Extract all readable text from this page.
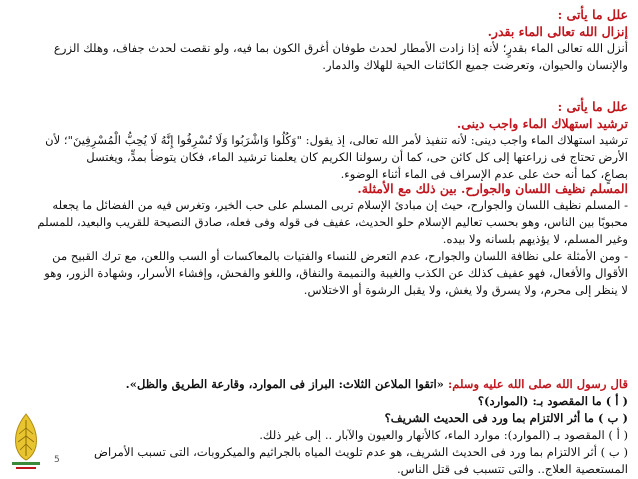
علل ما يأتى :
إنزال الله تعالى الماء بقدر.
أنزل الله تعالى الماء بقدرٍ؛ لأنه إذا زادت الأمطار لحدث طوفان أغرق الكون بما فيه، ولو نقصت لحدث جفاف، وهلك الزرع
والإنسان والحيوان، وتعرضت جميع الكائنات الحية للهلاك والدمار.
علل ما يأتى :
ترشيد استهلاك الماء واجب دينى.
ترشيد استهلاك الماء واجب دينى: لأنه تنفيذ لأمر الله تعالى، إذ يقول: "وَكُلُوا وَاشْرَبُوا وَلَا تُسْرِفُوا إِنَّهُ لَا يُحِبُّ الْمُسْرِفِينَ"؛ لأن
الأرض تحتاج فى زراعتها إلى كل كائن حى، كما أن رسولنا الكريم كان يعلمنا ترشيد الماء، فكان يتوضأ بمدٍّ، ويغتسل
بصاعٍ، كما أنه حث على عدم الإسراف فى الماء أثناء الوضوء.
المسلم نظيف اللسان والجوارح. بين ذلك مع الأمثلة.
- المسلم نظيف اللسان والجوارح، حيث إن مبادئ الإسلام تربى المسلم على حب الخير، وتغرس فيه من الفضائل ما يجعله
محبوبًا بين الناس، وهو بحسب تعاليم الإسلام حلو الحديث، عفيف فى قوله وفى فعله، صادق النصيحة للقريب والبعيد، للمسلم
وغير المسلم، لا يؤذيهم بلسانه ولا بيده.
- ومن الأمثلة على نظافة اللسان والجوارح، عدم التعرض للنساء والفتيات بالمعاكسات أو السب واللعن، مع ترك القبيح من
الأقوال والأفعال، فهو عفيف كذلك عن الكذب والغيبة والنميمة والنفاق، واللغو والفحش، وإفشاء الأسرار، وشهادة الزور، وهو
لا ينظر إلى محرم، ولا يسرق ولا يغش، ولا يقبل الرشوة أو الاختلاس.
قال رسول الله صلى الله عليه وسلم: «اتقوا الملاعن الثلاث: البراز فى الموارد، وقارعة الطريق والظل».
( أ ) ما المقصود بـ: (الموارد)؟
( ب ) ما أثر الالتزام بما ورد فى الحديث الشريف؟
( أ ) المقصود بـ (الموارد): موارد الماء، كالأنهار والعيون والآبار .. إلى غير ذلك.
( ب ) أثر الالتزام بما ورد فى الحديث الشريف، هو عدم تلويث المياه بالجراثيم والميكروبات، التى تسبب الأمراض
المستعصية العلاج.. والتى تتسبب فى قتل الناس.
5
